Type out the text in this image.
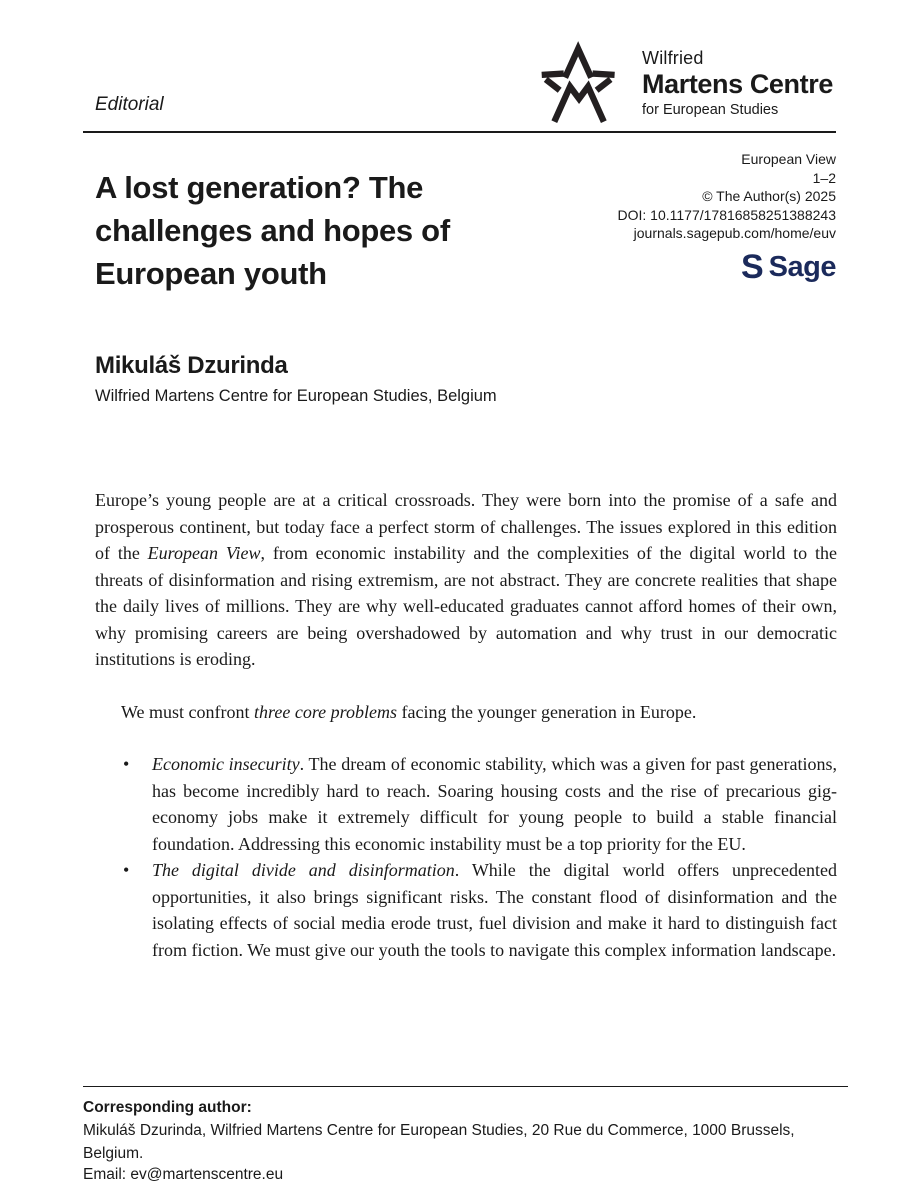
Wilfried
Martens Centre
for European Studies
Editorial
A lost generation? The
challenges and hopes of
European youth
European View
1–2
© The Author(s) 2025
DOI: 10.1177/17816858251388243
journals.sagepub.com/home/euv
S Sage
Mikuláš Dzurinda
Wilfried Martens Centre for European Studies, Belgium

Europe’s young people are at a critical crossroads. They were born into the promise of a safe and prosperous continent, but today face a perfect storm of challenges. The issues explored in this edition of the European View, from economic instability and the complexities of the digital world to the threats of disinformation and rising extremism, are not abstract. They are concrete realities that shape the daily lives of millions. They are why well-educated graduates cannot afford homes of their own, why promising careers are being overshadowed by automation and why trust in our democratic institutions is eroding.

We must confront three core problems facing the younger generation in Europe.

• Economic insecurity. The dream of economic stability, which was a given for past generations, has become incredibly hard to reach. Soaring housing costs and the rise of precarious gig-economy jobs make it extremely difficult for young people to build a stable financial foundation. Addressing this economic instability must be a top priority for the EU.
• The digital divide and disinformation. While the digital world offers unprecedented opportunities, it also brings significant risks. The constant flood of disinformation and the isolating effects of social media erode trust, fuel division and make it hard to distinguish fact from fiction. We must give our youth the tools to navigate this complex information landscape.
Corresponding author:
Mikuláš Dzurinda, Wilfried Martens Centre for European Studies, 20 Rue du Commerce, 1000 Brussels, Belgium.
Email: ev@martenscentre.eu
